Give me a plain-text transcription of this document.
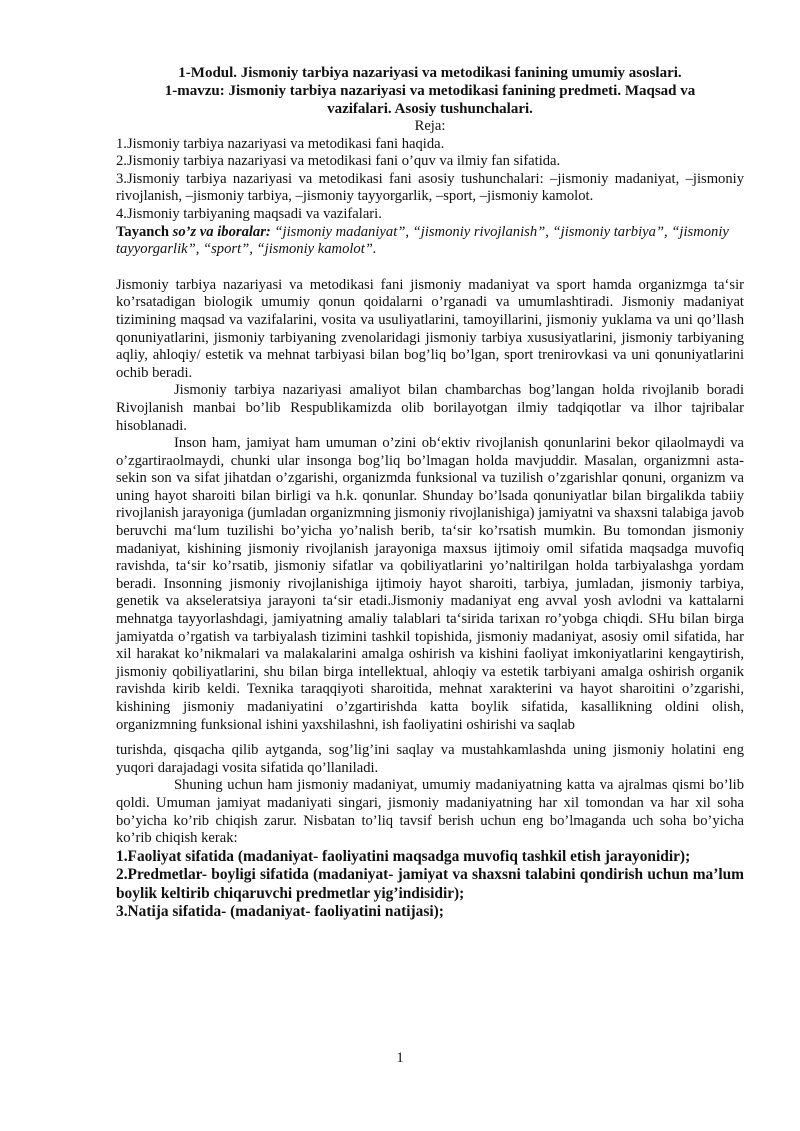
1-Modul. Jismoniy tarbiya nazariyasi va metodikasi fanining umumiy asoslari.
1-mavzu: Jismoniy tarbiya nazariyasi va metodikasi fanining predmeti. Maqsad va
vazifalari. Asosiy tushunchalari.
Reja:

1.Jismoniy tarbiya nazariyasi va metodikasi fani haqida.

2.Jismoniy tarbiya nazariyasi va metodikasi fani o’quv va ilmiy fan sifatida.

3.Jismoniy tarbiya nazariyasi va metodikasi fani asosiy tushunchalari: –jismoniy madaniyat, –jismoniy rivojlanish, –jismoniy tarbiya, –jismoniy tayyorgarlik, –sport, –jismoniy kamolot.

4.Jismoniy tarbiyaning maqsadi va vazifalari.

Tayanch so’z va iboralar: “jismoniy madaniyat”, “jismoniy rivojlanish”, “jismoniy tarbiya”, “jismoniy tayyorgarlik”, “sport”, “jismoniy kamolot”.

Jismoniy tarbiya nazariyasi va metodikasi fani jismoniy madaniyat va sport hamda organizmga ta‘sir ko’rsatadigan biologik umumiy qonun qoidalarni o’rganadi va umumlashtiradi. Jismoniy madaniyat tizimining maqsad va vazifalarini, vosita va usuliyatlarini, tamoyillarini, jismoniy yuklama va uni qo’llash qonuniyatlarini, jismoniy tarbiyaning zvenolaridagi jismoniy tarbiya xususiyatlarini, jismoniy tarbiyaning aqliy, ahloqiy/ estetik va mehnat tarbiyasi bilan bog’liq bo’lgan, sport trenirovkasi va uni qonuniyatlarini ochib beradi.

Jismoniy tarbiya nazariyasi amaliyot bilan chambarchas bog’langan holda rivojlanib boradi Rivojlanish manbai bo’lib Respublikamizda olib borilayotgan ilmiy tadqiqotlar va ilhor tajribalar hisoblanadi.

Inson ham, jamiyat ham umuman o’zini ob‘ektiv rivojlanish qonunlarini bekor qilaolmaydi va o’zgartiraolmaydi, chunki ular insonga bog’liq bo’lmagan holda mavjuddir. Masalan, organizmni asta-sekin son va sifat jihatdan o’zgarishi, organizmda funksional va tuzilish o’zgarishlar qonuni, organizm va uning hayot sharoiti bilan birligi va h.k. qonunlar. Shunday bo’lsada qonuniyatlar bilan birgalikda tabiiy rivojlanish jarayoniga (jumladan organizmning jismoniy rivojlanishiga) jamiyatni va shaxsni talabiga javob beruvchi ma‘lum tuzilishi bo’yicha yo’nalish berib, ta‘sir ko’rsatish mumkin. Bu tomondan jismoniy madaniyat, kishining jismoniy rivojlanish jarayoniga maxsus ijtimoiy omil sifatida maqsadga muvofiq ravishda, ta‘sir ko’rsatib, jismoniy sifatlar va qobiliyatlarini yo’naltirilgan holda tarbiyalashga yordam beradi. Insonning jismoniy rivojlanishiga ijtimoiy hayot sharoiti, tarbiya, jumladan, jismoniy tarbiya, genetik va akseleratsiya jarayoni ta‘sir etadi.Jismoniy madaniyat eng avval yosh avlodni va kattalarni mehnatga tayyorlashdagi, jamiyatning amaliy talablari ta‘sirida tarixan ro’yobga chiqdi. SHu bilan birga jamiyatda o’rgatish va tarbiyalash tizimini tashkil topishida, jismoniy madaniyat, asosiy omil sifatida, har xil harakat ko’nikmalari va malakalarini amalga oshirish va kishini faoliyat imkoniyatlarini kengaytirish, jismoniy qobiliyatlarini, shu bilan birga intellektual, ahloqiy va estetik tarbiyani amalga oshirish organik ravishda kirib keldi. Texnika taraqqiyoti sharoitida, mehnat xarakterini va hayot sharoitini o’zgarishi, kishining jismoniy madaniyatini o’zgartirishda katta boylik sifatida, kasallikning oldini olish, organizmning funksional ishini yaxshilashni, ish faoliyatini oshirishi va saqlab

turishda, qisqacha qilib aytganda, sog’lig’ini saqlay va mustahkamlashda uning jismoniy holatini eng yuqori darajadagi vosita sifatida qo’llaniladi.

Shuning uchun ham jismoniy madaniyat, umumiy madaniyatning katta va ajralmas qismi bo’lib qoldi. Umuman jamiyat madaniyati singari, jismoniy madaniyatning har xil tomondan va har xil soha bo’yicha ko’rib chiqish zarur. Nisbatan to’liq tavsif berish uchun eng bo’lmaganda uch soha bo’yicha ko’rib chiqish kerak:

1.Faoliyat sifatida (madaniyat- faoliyatini maqsadga muvofiq tashkil etish jarayonidir);

2.Predmetlar- boyligi sifatida (madaniyat- jamiyat va shaxsni talabini qondirish uchun ma’lum boylik keltirib chiqaruvchi predmetlar yig’indisidir);

3.Natija sifatida- (madaniyat- faoliyatini natijasi);

1
